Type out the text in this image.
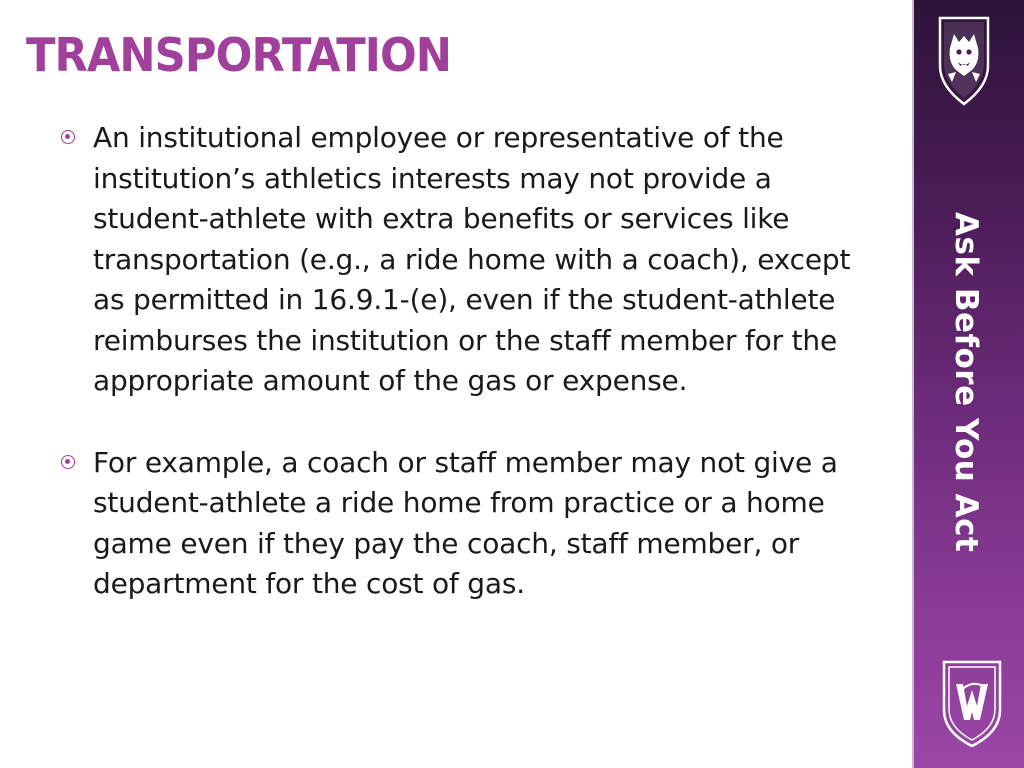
TRANSPORTATION

An institutional employee or representative of the institution’s athletics interests may not provide a student-athlete with extra benefits or services like transportation (e.g., a ride home with a coach), except as permitted in 16.9.1-(e), even if the student-athlete reimburses the institution or the staff member for the appropriate amount of the gas or expense.

For example, a coach or staff member may not give a student-athlete a ride home from practice or a home game even if they pay the coach, staff member, or department for the cost of gas.

Ask Before You Act
